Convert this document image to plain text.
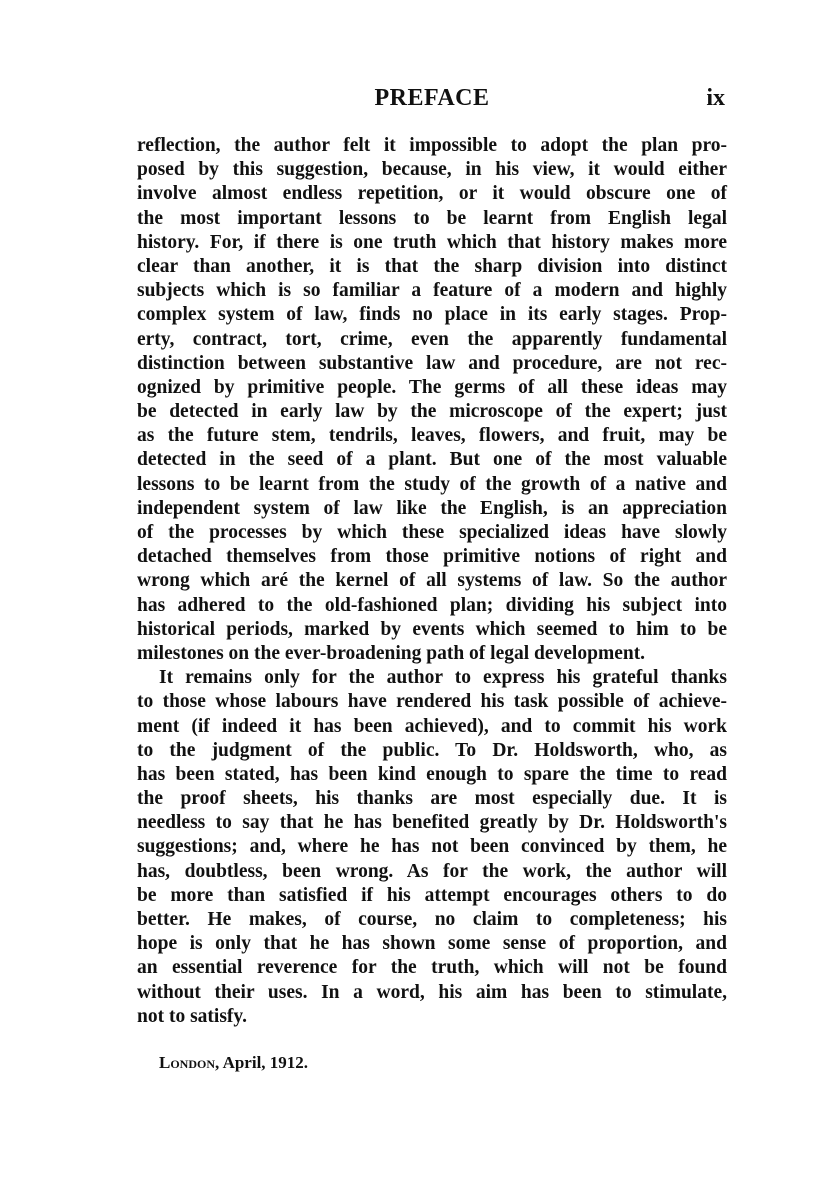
PREFACE	ix
reflection, the author felt it impossible to adopt the plan pro-
posed by this suggestion, because, in his view, it would either
involve almost endless repetition, or it would obscure one of
the most important lessons to be learnt from English legal
history. For, if there is one truth which that history makes more
clear than another, it is that the sharp division into distinct
subjects which is so familiar a feature of a modern and highly
complex system of law, finds no place in its early stages. Prop-
erty, contract, tort, crime, even the apparently fundamental
distinction between substantive law and procedure, are not rec-
ognized by primitive people. The germs of all these ideas may
be detected in early law by the microscope of the expert; just
as the future stem, tendrils, leaves, flowers, and fruit, may be
detected in the seed of a plant. But one of the most valuable
lessons to be learnt from the study of the growth of a native and
independent system of law like the English, is an appreciation
of the processes by which these specialized ideas have slowly
detached themselves from those primitive notions of right and
wrong which aré the kernel of all systems of law. So the author
has adhered to the old-fashioned plan; dividing his subject into
historical periods, marked by events which seemed to him to be
milestones on the ever-broadening path of legal development.
It remains only for the author to express his grateful thanks
to those whose labours have rendered his task possible of achieve-
ment (if indeed it has been achieved), and to commit his work
to the judgment of the public. To Dr. Holdsworth, who, as
has been stated, has been kind enough to spare the time to read
the proof sheets, his thanks are most especially due. It is
needless to say that he has benefited greatly by Dr. Holdsworth's
suggestions; and, where he has not been convinced by them, he
has, doubtless, been wrong. As for the work, the author will
be more than satisfied if his attempt encourages others to do
better. He makes, of course, no claim to completeness; his
hope is only that he has shown some sense of proportion, and
an essential reverence for the truth, which will not be found
without their uses. In a word, his aim has been to stimulate,
not to satisfy.
London, April, 1912.
